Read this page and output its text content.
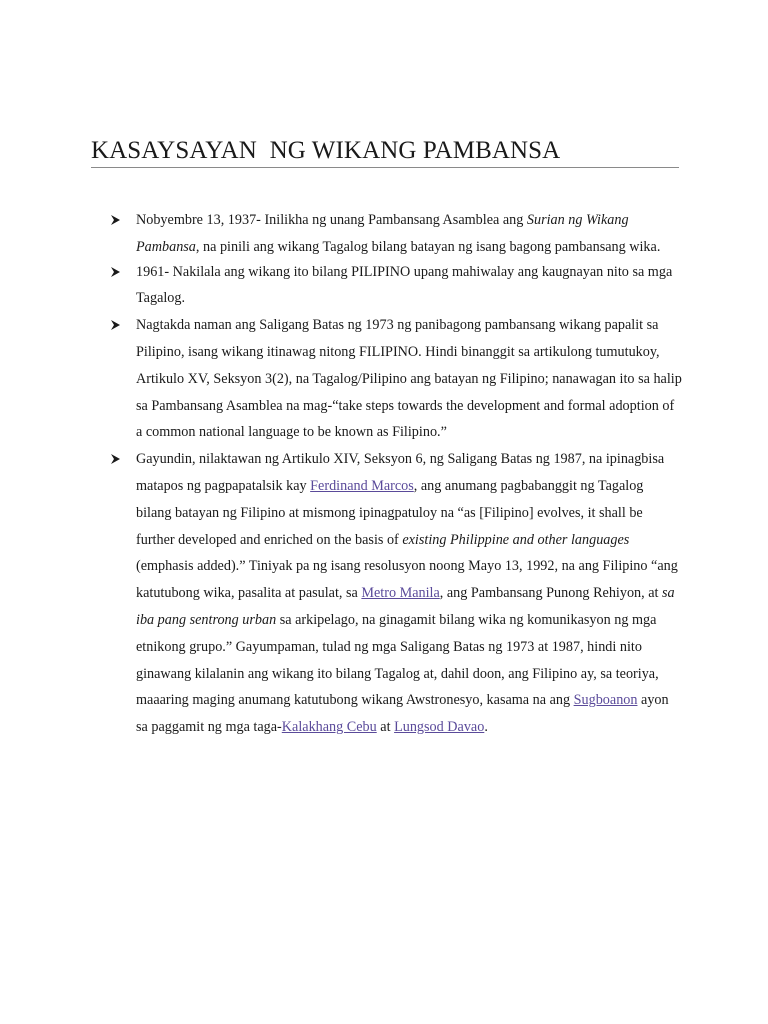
KASAYSAYAN  NG WIKANG PAMBANSA
Nobyembre 13, 1937- Inilikha ng unang Pambansang Asamblea ang Surian ng Wikang Pambansa, na pinili ang wikang Tagalog bilang batayan ng isang bagong pambansang wika.
1961- Nakilala ang wikang ito bilang PILIPINO upang mahiwalay ang kaugnayan nito sa mga Tagalog.
Nagtakda naman ang Saligang Batas ng 1973 ng panibagong pambansang wikang papalit sa Pilipino, isang wikang itinawag nitong FILIPINO. Hindi binanggit sa artikulong tumutukoy, Artikulo XV, Seksyon 3(2), na Tagalog/Pilipino ang batayan ng Filipino; nanawagan ito sa halip sa Pambansang Asamblea na mag-“take steps towards the development and formal adoption of a common national language to be known as Filipino.”
Gayundin, nilaktawan ng Artikulo XIV, Seksyon 6, ng Saligang Batas ng 1987, na ipinagbisa matapos ng pagpapatalsik kay Ferdinand Marcos, ang anumang pagbabanggit ng Tagalog bilang batayan ng Filipino at mismong ipinagpatuloy na “as [Filipino] evolves, it shall be further developed and enriched on the basis of existing Philippine and other languages (emphasis added).” Tiniyak pa ng isang resolusyon noong Mayo 13, 1992, na ang Filipino “ang katutubong wika, pasalita at pasulat, sa Metro Manila, ang Pambansang Punong Rehiyon, at sa iba pang sentrong urban sa arkipelago, na ginagamit bilang wika ng komunikasyon ng mga etnikong grupo.” Gayumpaman, tulad ng mga Saligang Batas ng 1973 at 1987, hindi nito ginawang kilalanin ang wikang ito bilang Tagalog at, dahil doon, ang Filipino ay, sa teoriya, maaaring maging anumang katutubong wikang Awstronesyo, kasama na ang Sugboanon ayon sa paggamit ng mga taga-Kalakhang Cebu at Lungsod Davao.
